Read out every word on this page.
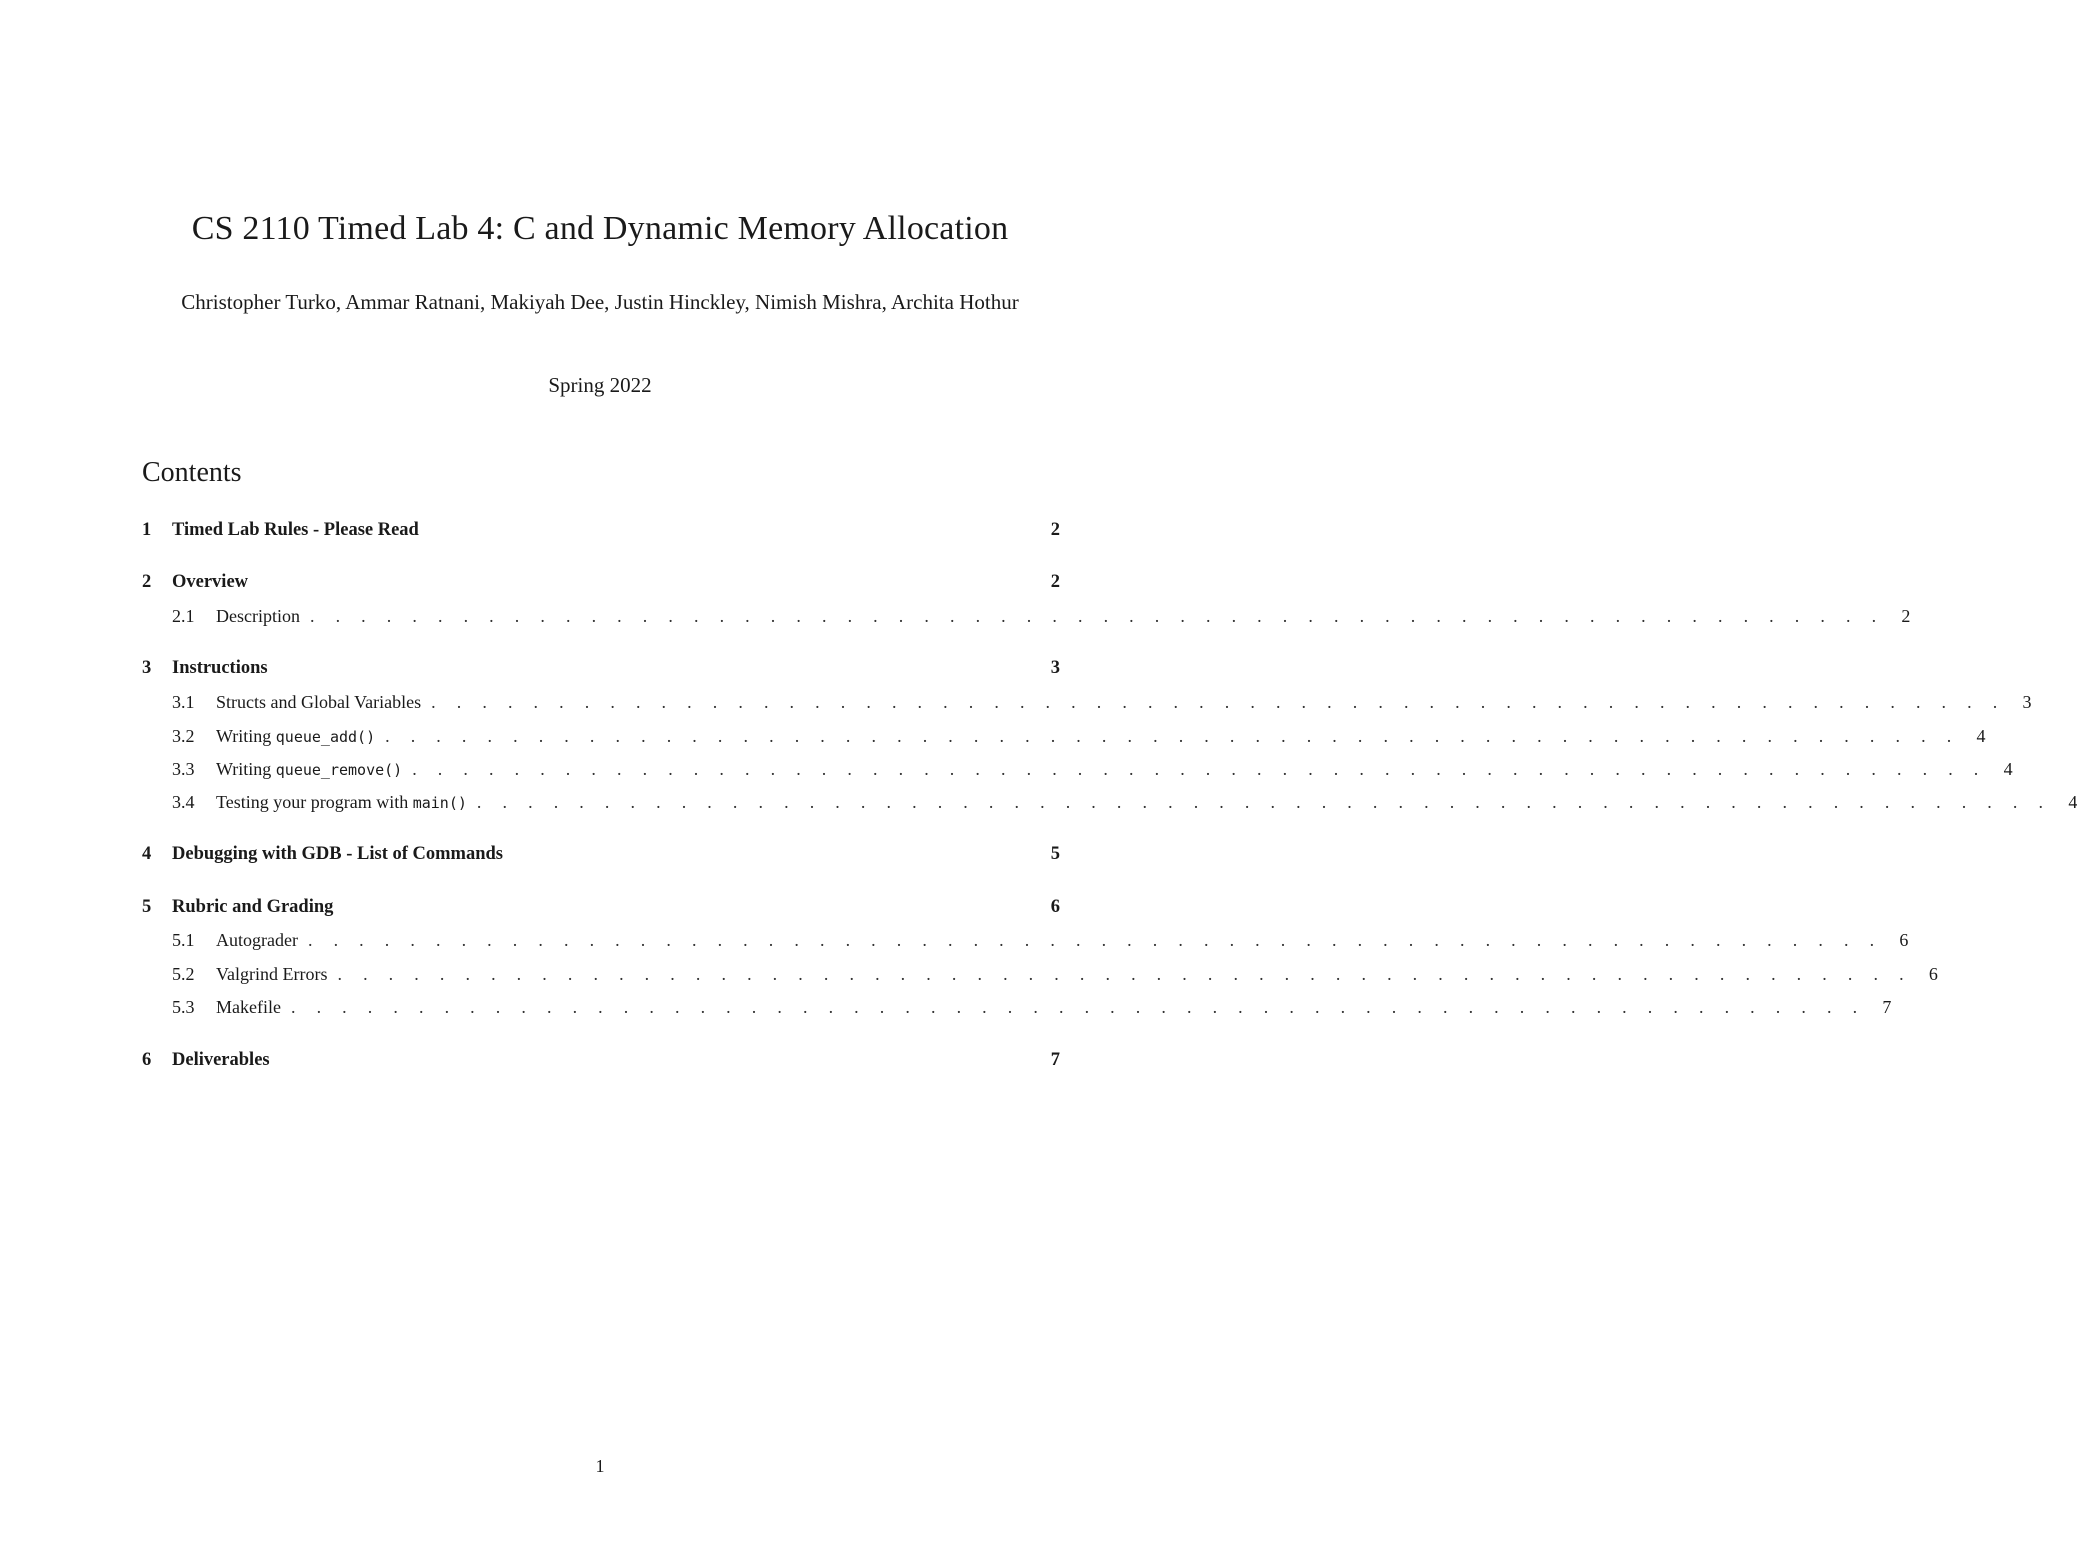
CS 2110 Timed Lab 4: C and Dynamic Memory Allocation
Christopher Turko, Ammar Ratnani, Makiyah Dee, Justin Hinckley, Nimish Mishra, Architа Hothur
Spring 2022
Contents
1	Timed Lab Rules - Please Read	2
2	Overview	2
2.1	Description . . . . . . . . . . . . . . . . . . . . . . . . . . . . . . . . . . . . . . . . . . . . . . . . . . . . . . . . . . . . . . 2
3	Instructions	3
3.1	Structs and Global Variables . . . . . . . . . . . . . . . . . . . . . . . . . . . . . . . . . . . . . . . . . . . . . . . . . . . . . . . . . . . . . . 3
3.2	Writing queue_add() . . . . . . . . . . . . . . . . . . . . . . . . . . . . . . . . . . . . . . . . . . . . . . . . . . . . . . . . . . . . . . 4
3.3	Writing queue_remove() . . . . . . . . . . . . . . . . . . . . . . . . . . . . . . . . . . . . . . . . . . . . . . . . . . . . . . . . . . . . . . 4
3.4	Testing your program with main() . . . . . . . . . . . . . . . . . . . . . . . . . . . . . . . . . . . . . . . . . . . . . . . . . . . . . . . . . . . . . . 4
4	Debugging with GDB - List of Commands	5
5	Rubric and Grading	6
5.1	Autograder . . . . . . . . . . . . . . . . . . . . . . . . . . . . . . . . . . . . . . . . . . . . . . . . . . . . . . . . . . . . . . 6
5.2	Valgrind Errors . . . . . . . . . . . . . . . . . . . . . . . . . . . . . . . . . . . . . . . . . . . . . . . . . . . . . . . . . . . . . . 6
5.3	Makefile . . . . . . . . . . . . . . . . . . . . . . . . . . . . . . . . . . . . . . . . . . . . . . . . . . . . . . . . . . . . . . 7
6	Deliverables	7
1
